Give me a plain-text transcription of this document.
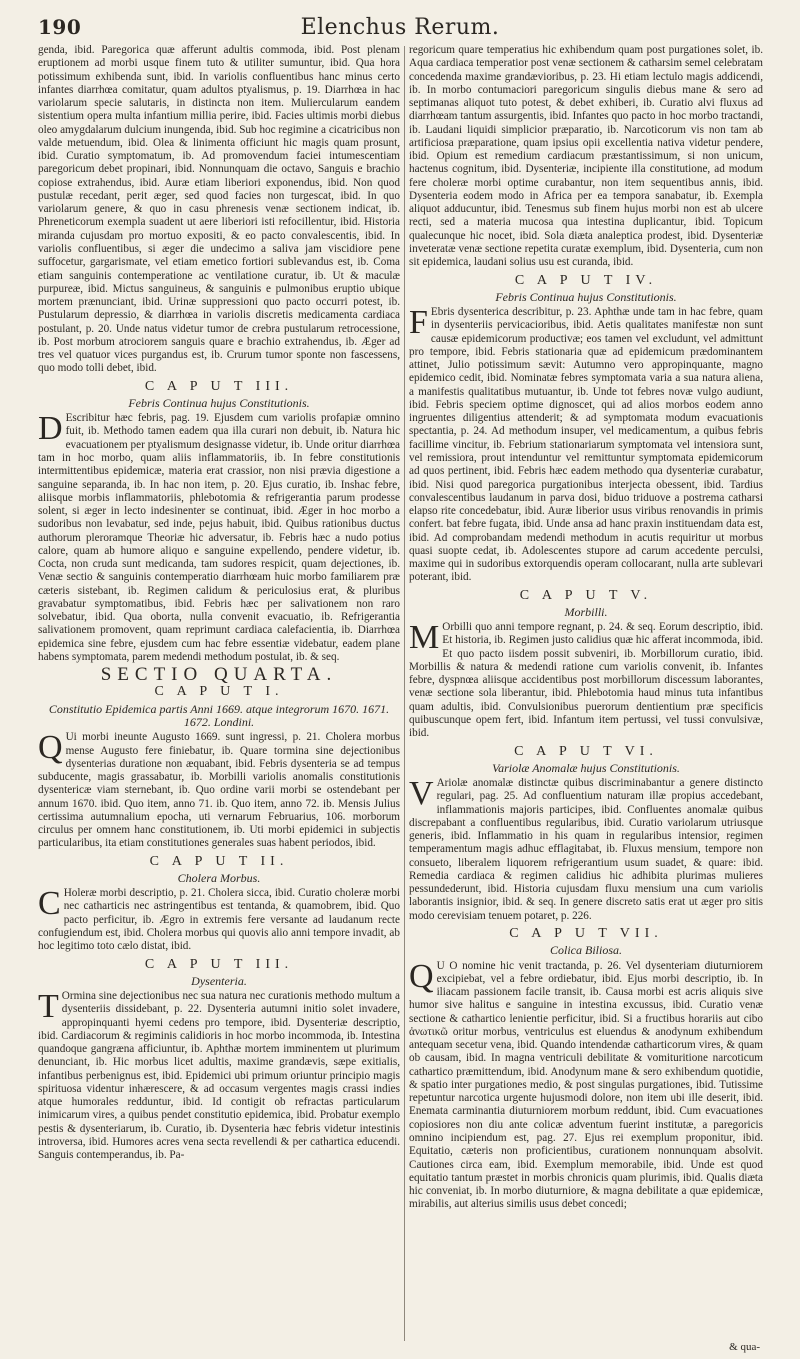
190	Elenchus Rerum.

genda, ibid. Paregorica quæ afferunt adultis commoda, ibid. Post plenam eruptionem ad morbi usque finem tuto & utiliter sumuntur, ibid. Qua hora potissimum exhibenda sunt, ibid. In variolis confluentibus hanc minus certo infantes diarrhœa comitatur, quam adultos ptyalismus, p. 19. Diarrhœa in hac variolarum specie salutaris, in distincta non item. Muliercularum eandem sistentium opera multa infantium millia perire, ibid. Facies ultimis morbi diebus oleo amygdalarum dulcium inungenda, ibid. Sub hoc regimine a cicatricibus non valde metuendum, ibid. Olea & linimenta officiunt hic magis quam prosunt, ibid. Curatio symptomatum, ib. Ad promovendum faciei intumescentiam paregoricum debet propinari, ibid. Nonnunquam die octavo, Sanguis e brachio copiose extrahendus, ibid. Auræ etiam liberiori exponendus, ibid. Non quod pustulæ recedant, perit æger, sed quod facies non turgescat, ibid. In quo variolarum genere, & quo in casu phrenesis venæ sectionem indicat, ib. Phreneticorum exempla suadent ut aere liberiori isti refocillentur, ibid. Historia miranda cujusdam pro mortuo expositi, & eo pacto convalescentis, ibid. In variolis confluentibus, si æger die undecimo a saliva jam viscidiore pene suffocetur, gargarismate, vel etiam emetico fortiori sublevandus est, ib. Coma etiam sanguinis contemperatione ac ventilatione curatur, ib. Ut & maculæ purpureæ, ibid. Mictus sanguineus, & sanguinis e pulmonibus eruptio ubique mortem prænunciant, ibid. Urinæ suppressioni quo pacto occurri potest, ib. Pustularum depressio, & diarrhœa in variolis discretis medicamenta cardiaca postulant, p. 20. Unde natus videtur tumor de crebra pustularum retrocessione, ib. Post morbum atrociorem sanguis quare e brachio extrahendus, ib. Æger ad tres vel quatuor vices purgandus est, ib. Crurum tumor sponte non fascessens, quo modo tolli debet, ibid.

C A P U T III.
Febris Continua hujus Constitutionis.

D Escribitur hæc febris, pag. 19. Ejusdem cum variolis profapiæ omnino fuit, ib. Methodo tamen eadem qua illa curari non debuit, ib. Natura hic evacuationem per ptyalismum designasse videtur, ib. Unde oritur diarrhœa tam in hoc morbo, quam aliis inflammatoriis, ib. In febre constitutionis intermittentibus epidemicæ, materia erat crassior, non nisi prævia digestione a sanguine separanda, ib. In hac non item, p. 20. Ejus curatio, ib. Inshac febre, aliisque morbis inflammatoriis, phlebotomia & refrigerantia parum prodesse solent, si æger in lecto indesinenter se continuat, ibid. Æger in hoc morbo a sudoribus non levabatur, sed inde, pejus habuit, ibid. Quibus rationibus ductus authorum pleroramque Theoriæ hic adversatur, ib. Febris hæc a nudo potius calore, quam ab humore aliquo e sanguine expellendo, pendere videtur, ib. Cocta, non cruda sunt medicanda, tam sudores respicit, quam dejectiones, ib. Venæ sectio & sanguinis contemperatio diarrhœam huic morbo familiarem præ cæteris sistebant, ib. Regimen calidum & periculosius erat, & pluribus gravabatur symptomatibus, ibid. Febris hæc per salivationem non raro solvebatur, ibid. Qua oborta, nulla convenit evacuatio, ib. Refrigerantia salivationem promovent, quam reprimunt cardiaca calefacientia, ib. Diarrhœa epidemica sine febre, ejusdem cum hac febre essentiæ videbatur, eadem plane habens symptomata, parem medendi methodum postulat, ib. & seq.

SECTIO QUARTA.
C A P U T I.
Constitutio Epidemica partis Anni 1669. atque integrorum 1670. 1671. 1672. Londini.

Q Ui morbi ineunte Augusto 1669. sunt ingressi, p. 21. Cholera morbus mense Augusto fere finiebatur, ib. Quare tormina sine dejectionibus dysenterias duratione non æquabant, ibid. Febris dysenteria se ad tempus subducente, magis grassabatur, ib. Morbilli variolis anomalis constitutionis dysentericæ viam sternebant, ib. Quo ordine varii morbi se ostendebant per annum 1670. ibid. Quo item, anno 71. ib. Quo item, anno 72. ib. Mensis Julius certissima autumnalium epocha, uti vernarum Februarius, 106. morborum circulus per omnem hanc constitutionem, ib. Uti morbi epidemici in subjectis particularibus, ita etiam constitutiones generales suas habent periodos, ibid.

C A P U T II.
Cholera Morbus.

C Holeræ morbi descriptio, p. 21. Cholera sicca, ibid. Curatio choleræ morbi nec catharticis nec astringentibus est tentanda, & quamobrem, ibid. Quo pacto perficitur, ib. Ægro in extremis fere versante ad laudanum recte confugiendum est, ibid. Cholera morbus qui quovis alio anni tempore invadit, ab hoc legitimo toto cælo distat, ibid.

C A P U T III.
Dysenteria.

T Ormina sine dejectionibus nec sua natura nec curationis methodo multum a dysenteriis dissidebant, p. 22. Dysenteria autumni initio solet invadere, appropinquanti hyemi cedens pro tempore, ibid. Dysenteriæ descriptio, ibid. Cardiacorum & regiminis calidioris in hoc morbo incommoda, ib. Intestina quandoque gangræna afficiuntur, ib. Aphthæ mortem imminentem ut plurimum denunciant, ib. Hic morbus licet adultis, maxime grandævis, sæpe exitialis, infantibus perbenignus est, ibid. Epidemici ubi primum oriuntur principio magis spirituosa videntur inhærescere, & ad occasum vergentes magis crassi indies atque humorales redduntur, ibid. Id contigit ob refractas particularum inimicarum vires, a quibus pendet constitutio epidemica, ibid. Probatur exemplo pestis & dysenteriarum, ib. Curatio, ib. Dysenteria hæc febris videtur intestinis introversa, ibid. Humores acres vena secta revellendi & per cathartica educendi. Sanguis contemperandus, ib. Pa-

regoricum quare temperatius hic exhibendum quam post purgationes solet, ib. Aqua cardiaca temperatior post venæ sectionem & catharsim semel celebratam concedenda maxime grandævioribus, p. 23. Hi etiam lectulo magis addicendi, ib. In morbo contumaciori paregoricum singulis diebus mane & sero ad septimanas aliquot tuto potest, & debet exhiberi, ib. Curatio alvi fluxus ad diarrhœam tantum assurgentis, ibid. Infantes quo pacto in hoc morbo tractandi, ib. Laudani liquidi simplicior præparatio, ib. Narcoticorum vis non tam ab artificiosa præparatione, quam ipsius opii excellentia nativa videtur pendere, ibid. Opium est remedium cardiacum præstantissimum, si non unicum, hactenus cognitum, ibid. Dysenteriæ, incipiente illa constitutione, ad modum fere choleræ morbi optime curabantur, non item sequentibus annis, ibid. Dysenteria eodem modo in Africa per ea tempora sanabatur, ib. Exempla aliquot adducuntur, ibid. Tenesmus sub finem hujus morbi non est ab ulcere recti, sed a materia mucosa qua intestina duplicantur, ibid. Topicum qualecunque hic nocet, ibid. Sola diæta analeptica prodest, ibid. Dysenteriæ inveteratæ venæ sectione repetita curatæ exemplum, ibid. Dysenteria, cum non sit epidemica, laudani solius usu est curanda, ibid.

C A P U T IV.
Febris Continua hujus Constitutionis.

F Ebris dysenterica describitur, p. 23. Aphthæ unde tam in hac febre, quam in dysenteriis pervicacioribus, ibid. Aetis qualitates manifestæ non sunt causæ epidemicorum productivæ; eos tamen vel excludunt, vel admittunt pro tempore, ibid. Febris stationaria quæ ad epidemicum prædominantem attinet, Julio potissimum sævit: Autumno vero appropinquante, magno epidemico cedit, ibid. Nominatæ febres symptomata varia a sua natura aliena, a manifestis qualitatibus mutuantur, ib. Unde tot febres novæ vulgo audiunt, ibid. Febris speciem optime dignoscet, qui ad alios morbos eodem anno ingruentes diligentius attenderit; & ad symptomata modum evacuationis spectantia, p. 24. Ad methodum insuper, vel medicamentum, a quibus febris facillime vincitur, ib. Febrium stationariarum symptomata vel intensiora sunt, vel remissiora, prout intenduntur vel remittuntur symptomata epidemicorum ad quos pertinent, ibid. Febris hæc eadem methodo qua dysenteriæ curabatur, ibid. Nisi quod paregorica purgationibus interjecta obessent, ibid. Tardius convalescentibus laudanum in parva dosi, biduo triduove a postrema catharsi elapso rite concedebatur, ibid. Auræ liberior usus viribus renovandis in primis confert. bat febre fugata, ibid. Unde ansa ad hanc praxin instituendam data est, ibid. Ad comprobandam medendi methodum in acutis requiritur ut morbus quasi suopte cedat, ib. Adolescentes stupore ad carum accedente perculsi, maxime qui in sudoribus extorquendis operam collocarant, nulla arte sublevari poterant, ibid.

C A P U T V.
Morbilli.

M Orbilli quo anni tempore regnant, p. 24. & seq. Eorum descriptio, ibid. Et historia, ib. Regimen justo calidius quæ hic afferat incommoda, ibid. Et quo pacto iisdem possit subveniri, ib. Morbillorum curatio, ibid. Morbillis & natura & medendi ratione cum variolis convenit, ib. Infantes febre, dyspnœa aliisque accidentibus post morbillorum discessum laborantes, venæ sectione sola liberantur, ibid. Phlebotomia haud minus tuta infantibus quam adultis, ibid. Convulsionibus puerorum dentientium præ specificis quibuscunque opem fert, ibid. Infantum item pertussi, vel tussi convulsivæ, ibid.

C A P U T VI.
Variolæ Anomalæ hujus Constitutionis.

V Ariolæ anomalæ distinctæ quibus discriminabantur a genere distincto regulari, pag. 25. Ad confluentium naturam illæ propius accedebant, inflammationis majoris participes, ibid. Confluentes anomalæ quibus discrepabant a confluentibus regularibus, ibid. Curatio variolarum utriusque generis, ibid. Inflammatio in his quam in regularibus intensior, regimen temperamentum magis adhuc efflagitabat, ib. Fluxus mensium, tempore non consueto, liberalem liquorem refrigerantium usum suadet, & quare: ibid. Remedia cardiaca & regimen calidius hic adhibita plurimas mulieres pessundederunt, ibid. Historia cujusdam fluxu mensium una cum variolis laborantis insignior, ibid. & seq. In genere discreto satis erat ut æger pro sitis modo cerevisiam tenuem potaret, p. 226.

C A P U T VII.
Colica Biliosa.

Q U O nomine hic venit tractanda, p. 26. Vel dysenteriam diuturniorem excipiebat, vel a febre ordiebatur, ibid. Ejus morbi descriptio, ib. In iliacam passionem facile transit, ib. Causa morbi est acris aliquis sive humor sive halitus e sanguine in intestina excussus, ibid. Curatio venæ sectione & cathartico lenientie perficitur, ibid. Si a fructibus horariis aut cibo ἀνωτικῶ oritur morbus, ventriculus est eluendus & anodynum exhibendum antequam secetur vena, ibid. Quando intendendæ catharticorum vires, & quam ob causam, ibid. In magna ventriculi debilitate & vomituritione narcoticum cathartico præmittendum, ibid. Anodynum mane & sero exhibendum quotidie, & spatio inter purgationes medio, & post singulas purgationes, ibid. Tutissime repetuntur narcotica urgente hujusmodi dolore, non item ubi ille deserit, ibid. Enemata carminantia diuturniorem morbum reddunt, ibid. Cum evacuationes copiosiores non diu ante colicæ adventum fuerint institutæ, a paregoricis omnino incipiendum est, pag. 27. Ejus rei exemplum proponitur, ibid. Equitatio, cæteris non proficientibus, curationem nonnunquam absolvit. Cautiones circa eam, ibid. Exemplum memorabile, ibid. Unde est quod equitatio tantum præstet in morbis chronicis quam plurimis, ibid. Qualis diæta hic conveniat, ib. In morbo diuturniore, & magna debilitate a quæ epidemicæ, mirabilis, aut alterius similis usus debet concedi;

& qua-
